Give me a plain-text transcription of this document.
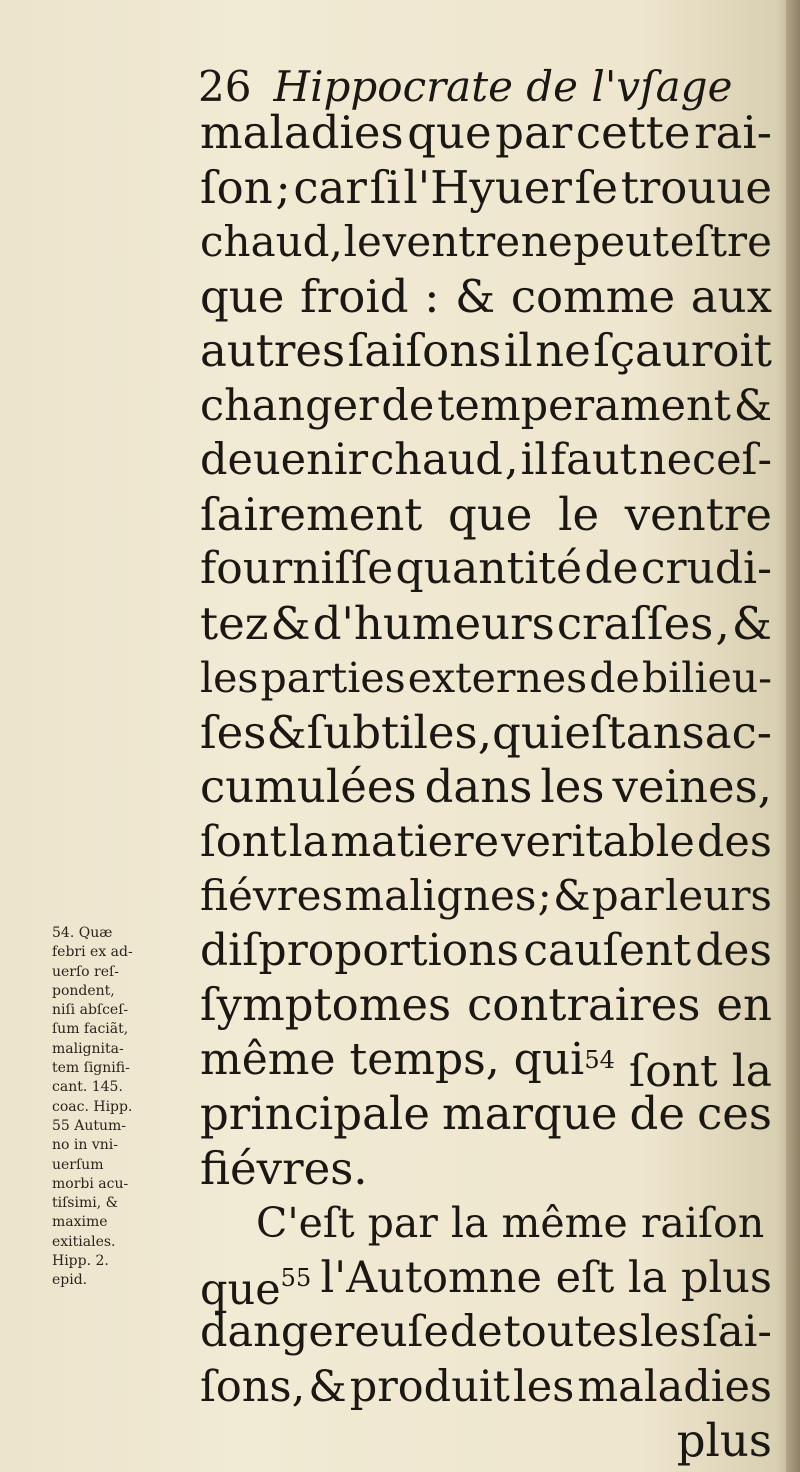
26 Hippocrate de l'vſage
maladies que par cette rai-
ſon ; car ſi l'Hyuer ſe trouue
chaud, le ventre ne peut eſtre
que froid : & comme aux
autres ſaiſons il ne ſçauroit
changer de temperament &
deuenir chaud , il faut neceſ-
ſairement que le ventre
fourniſſe quantité de crudi-
tez & d'humeurs craſſes , &
les parties externes de bilieu-
ſes & ſubtiles , qui eſtans ac-
cumulées dans les veines,
ſont la matiere veritable des
fiévres malignes ; & par leurs
diſproportions cauſent des
ſymptomes contraires en
même temps, qui $^{54}$ ſont la
principale marque de ces
fiévres.
C'eſt par la même raiſon
que$^{55}$ l'Automne eſt la plus
dangereuſe de toutes les ſai-
ſons, & produit les maladies
plus
54. Quæ
febri ex ad-
uerſo reſ-
pondent,
niſi abſceſ-
ſum faciãt,
malignita-
tem ſignifi-
cant. 145.
coac. Hipp.
55 Autum-
no in vni-
uerſum
morbi acu-
tiſsimi, &
maxime
exitiales.
Hipp. 2.
epid.
